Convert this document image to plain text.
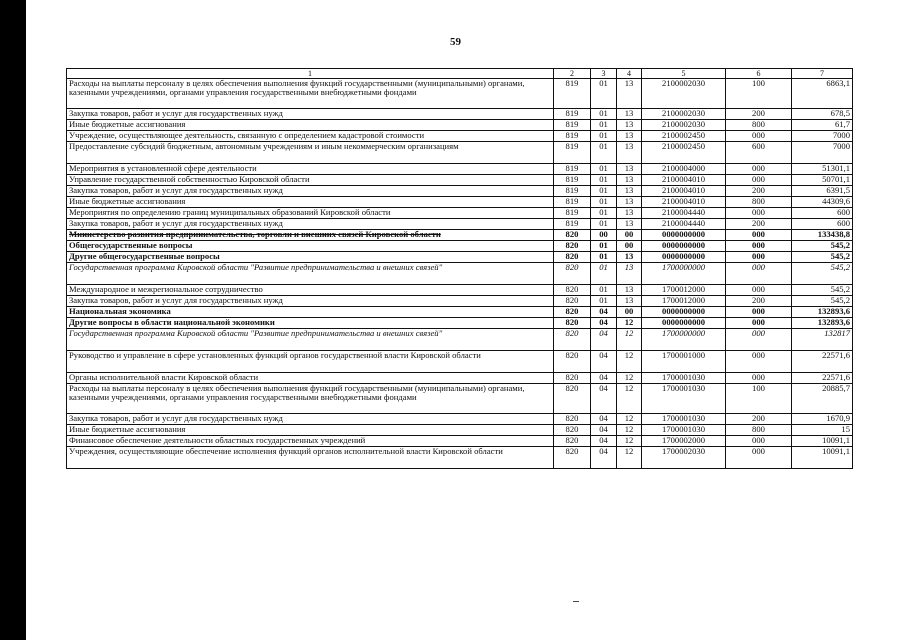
59
1	2	3	4	5	6	7
Расходы на выплаты персоналу в целях обеспечения выполнения функций государственными (муниципальными) органами, казенными учреждениями, органами управления государственными внебюджетными фондами	819	01	13	2100002030	100	6863,1
Закупка товаров, работ и услуг для государственных нужд	819	01	13	2100002030	200	678,5
Иные бюджетные ассигнования	819	01	13	2100002030	800	61,7
Учреждение, осуществляющее деятельность, связанную с определением кадастровой стоимости	819	01	13	2100002450	000	7000
Предоставление субсидий бюджетным, автономным учреждениям и иным некоммерческим организациям	819	01	13	2100002450	600	7000
Мероприятия в установленной сфере деятельности	819	01	13	2100004000	000	51301,1
Управление государственной собственностью Кировской области	819	01	13	2100004010	000	50701,1
Закупка товаров, работ и услуг для государственных нужд	819	01	13	2100004010	200	6391,5
Иные бюджетные ассигнования	819	01	13	2100004010	800	44309,6
Мероприятия по определению границ муниципальных образований Кировской области	819	01	13	2100004440	000	600
Закупка товаров, работ и услуг для государственных нужд	819	01	13	2100004440	200	600
Министерство развития предпринимательства, торговли и внешних связей Кировской области	820	00	00	0000000000	000	133438,8
Общегосударственные вопросы	820	01	00	0000000000	000	545,2
Другие общегосударственные вопросы	820	01	13	0000000000	000	545,2
Государственная программа Кировской области "Развитие предпринимательства и внешних связей"	820	01	13	1700000000	000	545,2
Международное и межрегиональное сотрудничество	820	01	13	1700012000	000	545,2
Закупка товаров, работ и услуг для государственных нужд	820	01	13	1700012000	200	545,2
Национальная экономика	820	04	00	0000000000	000	132893,6
Другие вопросы в области национальной экономики	820	04	12	0000000000	000	132893,6
Государственная программа Кировской области "Развитие предпринимательства и внешних связей"	820	04	12	1700000000	000	132817
Руководство и управление в сфере установленных функций органов государственной власти Кировской области	820	04	12	1700001000	000	22571,6
Органы исполнительной власти Кировской области	820	04	12	1700001030	000	22571,6
Расходы на выплаты персоналу в целях обеспечения выполнения функций государственными (муниципальными) органами, казенными учреждениями, органами управления государственными внебюджетными фондами	820	04	12	1700001030	100	20885,7
Закупка товаров, работ и услуг для государственных нужд	820	04	12	1700001030	200	1670,9
Иные бюджетные ассигнования	820	04	12	1700001030	800	15
Финансовое обеспечение деятельности областных государственных учреждений	820	04	12	1700002000	000	10091,1
Учреждения, осуществляющие обеспечение исполнения функций органов исполнительной власти Кировской области	820	04	12	1700002030	000	10091,1
